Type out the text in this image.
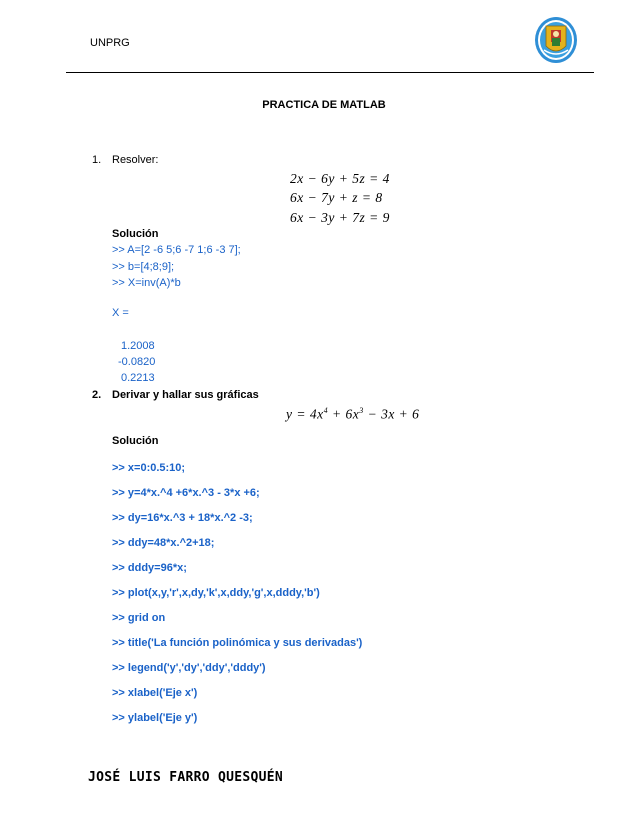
UNPRG
PRACTICA DE MATLAB
1. Resolver:
2x − 6y + 5z = 4
6x − 7y + z = 8
6x − 3y + 7z = 9
Solución
>> A=[2 -6 5;6 -7 1;6 -3 7];
>> b=[4;8;9];
>> X=inv(A)*b
X =
1.2008
-0.0820
0.2213
2. Derivar y hallar sus gráficas
$y = 4x^4 + 6x^3 - 3x + 6$
Solución
>> x=0:0.5:10;
>> y=4*x.^4 +6*x.^3 - 3*x +6;
>> dy=16*x.^3 + 18*x.^2 -3;
>> ddy=48*x.^2+18;
>> dddy=96*x;
>> plot(x,y,'r',x,dy,'k',x,ddy,'g',x,dddy,'b')
>> grid on
>> title('La función polinómica y sus derivadas')
>> legend('y','dy','ddy','dddy')
>> xlabel('Eje x')
>> ylabel('Eje y')
JOSÉ LUIS FARRO QUESQUÉN
